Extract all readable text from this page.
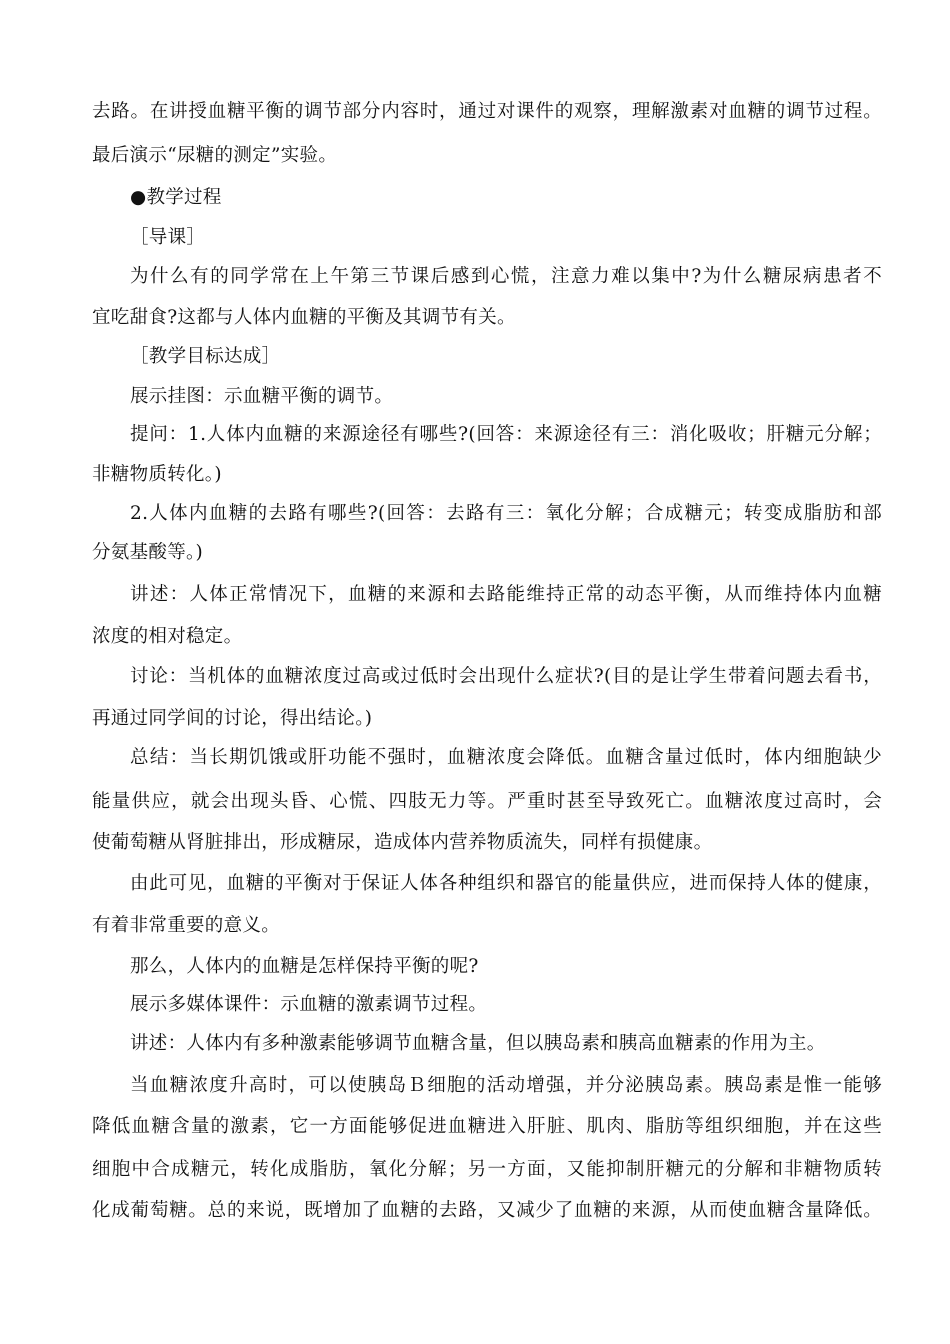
去路。在讲授血糖平衡的调节部分内容时，通过对课件的观察，理解激素对血糖的调节过程。
最后演示“尿糖的测定”实验。
●教学过程
［导课］
为什么有的同学常在上午第三节课后感到心慌，注意力难以集中?为什么糖尿病患者不
宜吃甜食?这都与人体内血糖的平衡及其调节有关。
［教学目标达成］
展示挂图：示血糖平衡的调节。
提问：1.人体内血糖的来源途径有哪些?(回答：来源途径有三：消化吸收；肝糖元分解；
非糖物质转化。)
2.人体内血糖的去路有哪些?(回答：去路有三：氧化分解；合成糖元；转变成脂肪和部
分氨基酸等。)
讲述：人体正常情况下，血糖的来源和去路能维持正常的动态平衡，从而维持体内血糖
浓度的相对稳定。
讨论：当机体的血糖浓度过高或过低时会出现什么症状?(目的是让学生带着问题去看书，
再通过同学间的讨论，得出结论。)
总结：当长期饥饿或肝功能不强时，血糖浓度会降低。血糖含量过低时，体内细胞缺少
能量供应，就会出现头昏、心慌、四肢无力等。严重时甚至导致死亡。血糖浓度过高时，会
使葡萄糖从肾脏排出，形成糖尿，造成体内营养物质流失，同样有损健康。
由此可见，血糖的平衡对于保证人体各种组织和器官的能量供应，进而保持人体的健康，
有着非常重要的意义。
那么，人体内的血糖是怎样保持平衡的呢?
展示多媒体课件：示血糖的激素调节过程。
讲述：人体内有多种激素能够调节血糖含量，但以胰岛素和胰高血糖素的作用为主。
当血糖浓度升高时，可以使胰岛Ｂ细胞的活动增强，并分泌胰岛素。胰岛素是惟一能够
降低血糖含量的激素，它一方面能够促进血糖进入肝脏、肌肉、脂肪等组织细胞，并在这些
细胞中合成糖元，转化成脂肪，氧化分解；另一方面，又能抑制肝糖元的分解和非糖物质转
化成葡萄糖。总的来说，既增加了血糖的去路，又减少了血糖的来源，从而使血糖含量降低。
